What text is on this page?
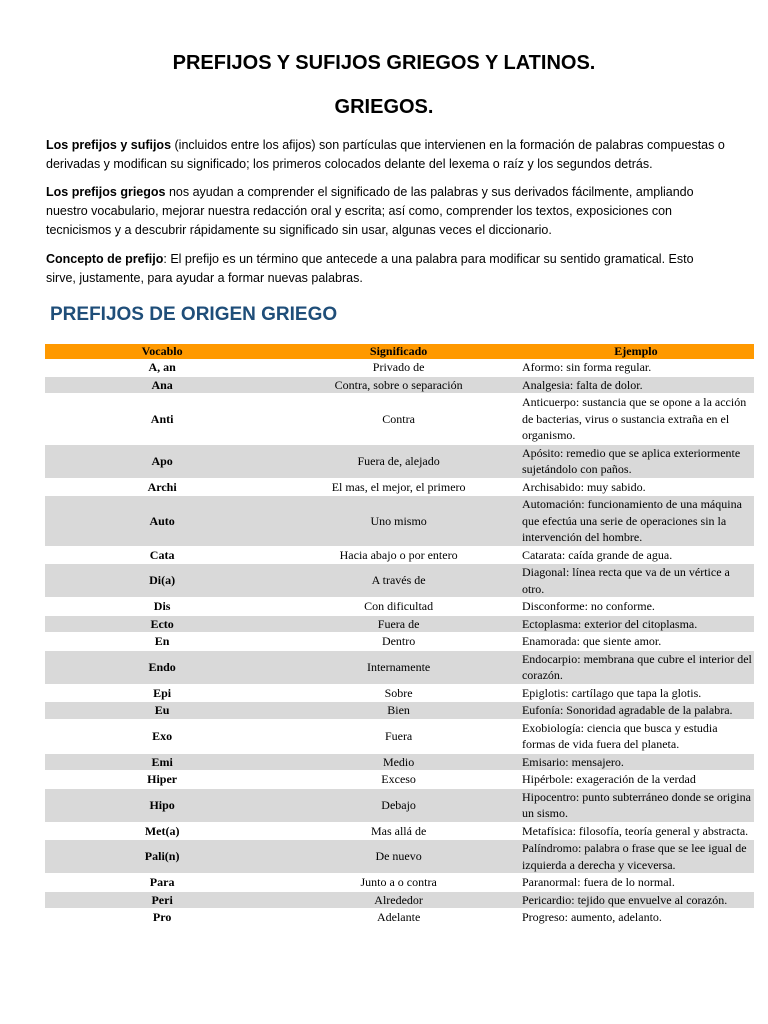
PREFIJOS Y SUFIJOS GRIEGOS Y LATINOS.
GRIEGOS.

Los prefijos y sufijos (incluidos entre los afijos) son partículas que intervienen en la formación de palabras compuestas o derivadas y modifican su significado; los primeros colocados delante del lexema o raíz y los segundos detrás.

Los prefijos griegos nos ayudan a comprender el significado de las palabras y sus derivados fácilmente, ampliando nuestro vocabulario, mejorar nuestra redacción oral y escrita; así como, comprender los textos, exposiciones con tecnicismos y a descubrir rápidamente su significado sin usar, algunas veces el diccionario.

Concepto de prefijo: El prefijo es un término que antecede a una palabra para modificar su sentido gramatical. Esto sirve, justamente, para ayudar a formar nuevas palabras.

PREFIJOS DE ORIGEN GRIEGO
Vocablo	Significado	Ejemplo
A, an	Privado de	Aformo: sin forma regular.
Ana	Contra, sobre o separación	Analgesia: falta de dolor.
Anti	Contra	Anticuerpo: sustancia que se opone a la acción de bacterias, virus o sustancia extraña en el organismo.
Apo	Fuera de, alejado	Apósito: remedio que se aplica exteriormente sujetándolo con paños.
Archi	El mas, el mejor, el primero	Archisabido: muy sabido.
Auto	Uno mismo	Automación: funcionamiento de una máquina que efectúa una serie de operaciones sin la intervención del hombre.
Cata	Hacia abajo o por entero	Catarata: caída grande de agua.
Di(a)	A través de	Diagonal: línea recta que va de un vértice a otro.
Dis	Con dificultad	Disconforme: no conforme.
Ecto	Fuera de	Ectoplasma: exterior del citoplasma.
En	Dentro	Enamorada: que siente amor.
Endo	Internamente	Endocarpio: membrana que cubre el interior del corazón.
Epi	Sobre	Epiglotis: cartílago que tapa la glotis.
Eu	Bien	Eufonía: Sonoridad agradable de la palabra.
Exo	Fuera	Exobiología: ciencia que busca y estudia formas de vida fuera del planeta.
Emi	Medio	Emisario: mensajero.
Hiper	Exceso	Hipérbole: exageración de la verdad
Hipo	Debajo	Hipocentro: punto subterráneo donde se origina un sismo.
Met(a)	Mas allá de	Metafísica: filosofía, teoría general y abstracta.
Pali(n)	De nuevo	Palíndromo: palabra o frase que se lee igual de izquierda a derecha y viceversa.
Para	Junto a o contra	Paranormal: fuera de lo normal.
Peri	Alrededor	Pericardio: tejido que envuelve al corazón.
Pro	Adelante	Progreso: aumento, adelanto.
